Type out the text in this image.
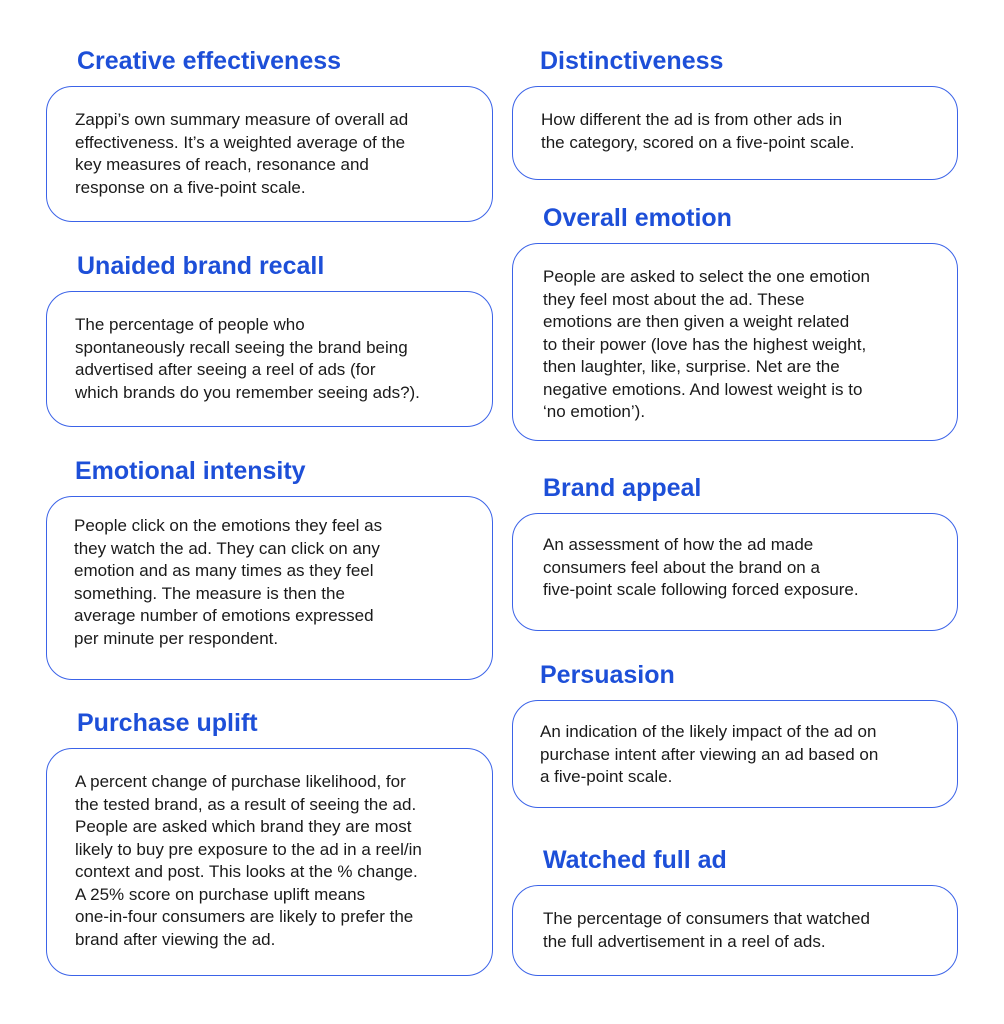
Creative effectiveness

Zappi’s own summary measure of overall ad
effectiveness. It’s a weighted average of the
key measures of reach, resonance and
response on a five-point scale.

Unaided brand recall

The percentage of people who
spontaneously recall seeing the brand being
advertised after seeing a reel of ads (for
which brands do you remember seeing ads?).

Emotional intensity

People click on the emotions they feel as
they watch the ad. They can click on any
emotion and as many times as they feel
something. The measure is then the
average number of emotions expressed
per minute per respondent.

Purchase uplift

A percent change of purchase likelihood, for
the tested brand, as a result of seeing the ad.
People are asked which brand they are most
likely to buy pre exposure to the ad in a reel/in
context and post. This looks at the % change.
A 25% score on purchase uplift means
one-in-four consumers are likely to prefer the
brand after viewing the ad.

Distinctiveness

How different the ad is from other ads in
the category, scored on a five-point scale.

Overall emotion

People are asked to select the one emotion
they feel most about the ad. These
emotions are then given a weight related
to their power (love has the highest weight,
then laughter, like, surprise. Net are the
negative emotions. And lowest weight is to
‘no emotion’).

Brand appeal

An assessment of how the ad made
consumers feel about the brand on a
five-point scale following forced exposure.

Persuasion

An indication of the likely impact of the ad on
purchase intent after viewing an ad based on
a five-point scale.

Watched full ad

The percentage of consumers that watched
the full advertisement in a reel of ads.
